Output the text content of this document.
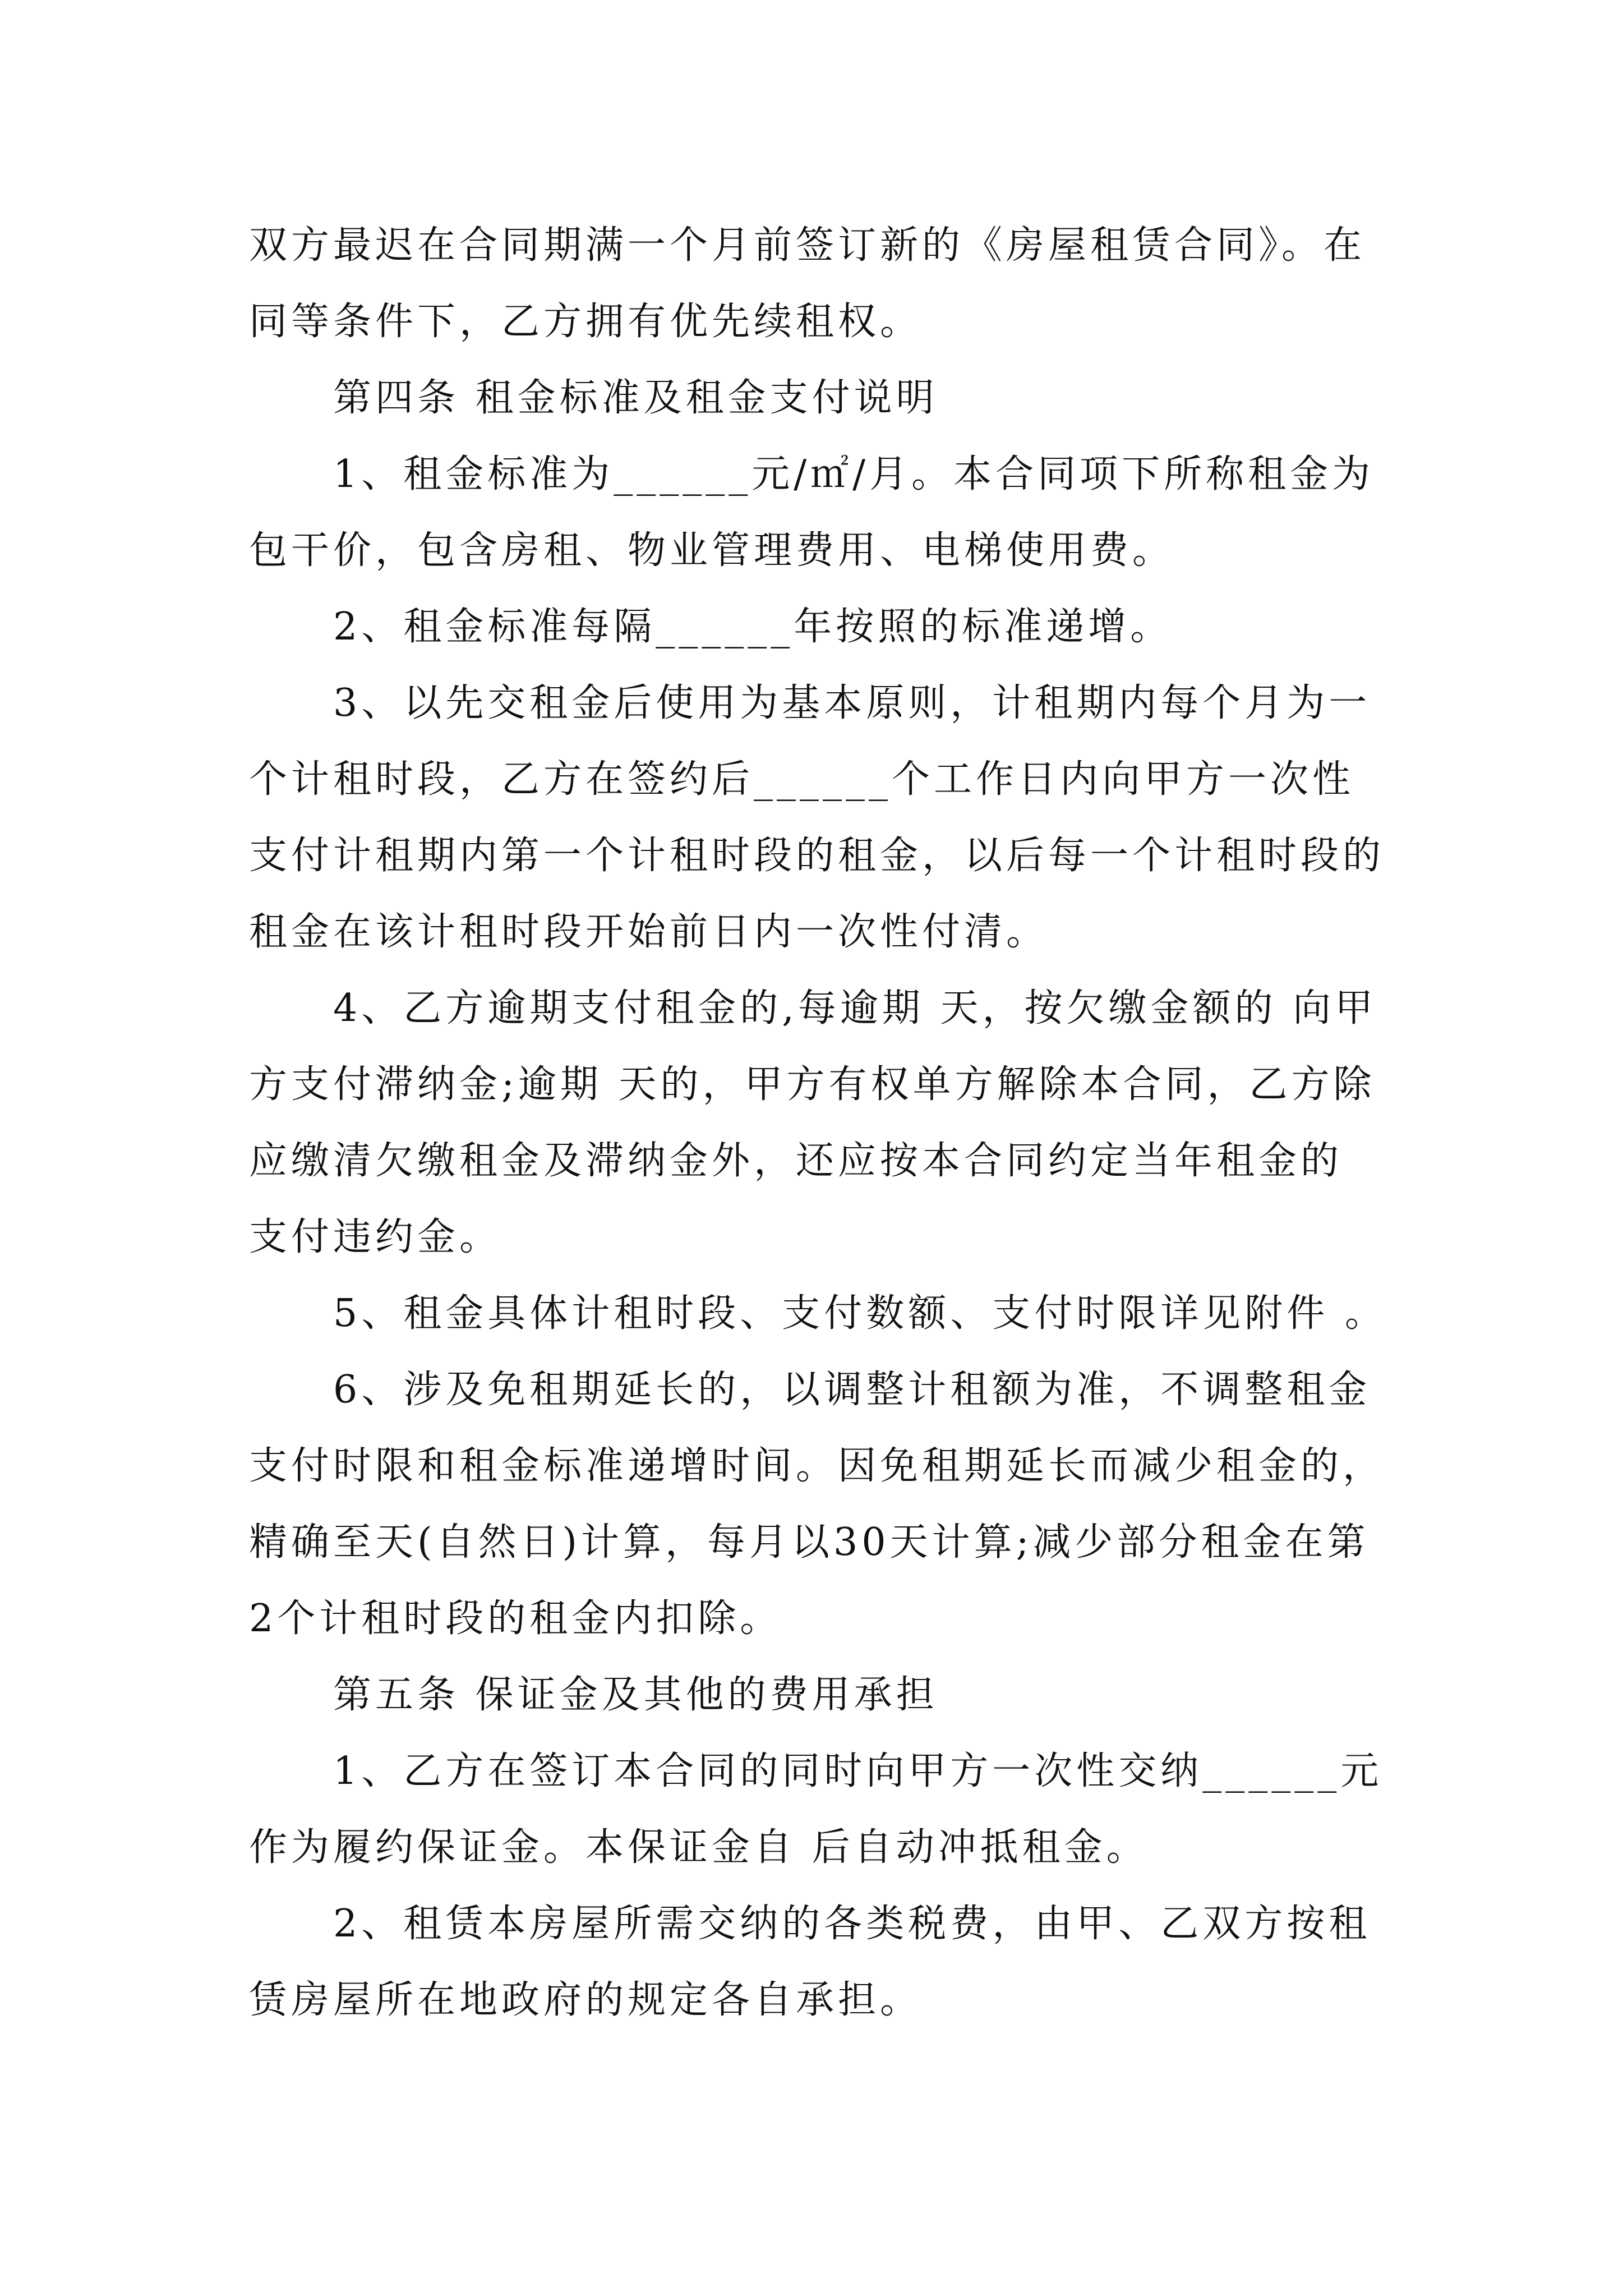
双方最迟在合同期满一个月前签订新的《房屋租赁合同》。在同等条件下，乙方拥有优先续租权。

第四条 租金标准及租金支付说明

1、租金标准为______元/㎡/月。本合同项下所称租金为包干价，包含房租、物业管理费用、电梯使用费。

2、租金标准每隔______年按照的标准递增。

3、以先交租金后使用为基本原则，计租期内每个月为一个计租时段，乙方在签约后______个工作日内向甲方一次性支付计租期内第一个计租时段的租金，以后每一个计租时段的租金在该计租时段开始前日内一次性付清。

4、乙方逾期支付租金的,每逾期 天，按欠缴金额的 向甲方支付滞纳金;逾期 天的，甲方有权单方解除本合同，乙方除应缴清欠缴租金及滞纳金外，还应按本合同约定当年租金的 支付违约金。

5、租金具体计租时段、支付数额、支付时限详见附件 。

6、涉及免租期延长的，以调整计租额为准，不调整租金支付时限和租金标准递增时间。因免租期延长而减少租金的，精确至天(自然日)计算，每月以30天计算;减少部分租金在第2个计租时段的租金内扣除。

第五条 保证金及其他的费用承担

1、乙方在签订本合同的同时向甲方一次性交纳______元作为履约保证金。本保证金自 后自动冲抵租金。

2、租赁本房屋所需交纳的各类税费，由甲、乙双方按租赁房屋所在地政府的规定各自承担。
